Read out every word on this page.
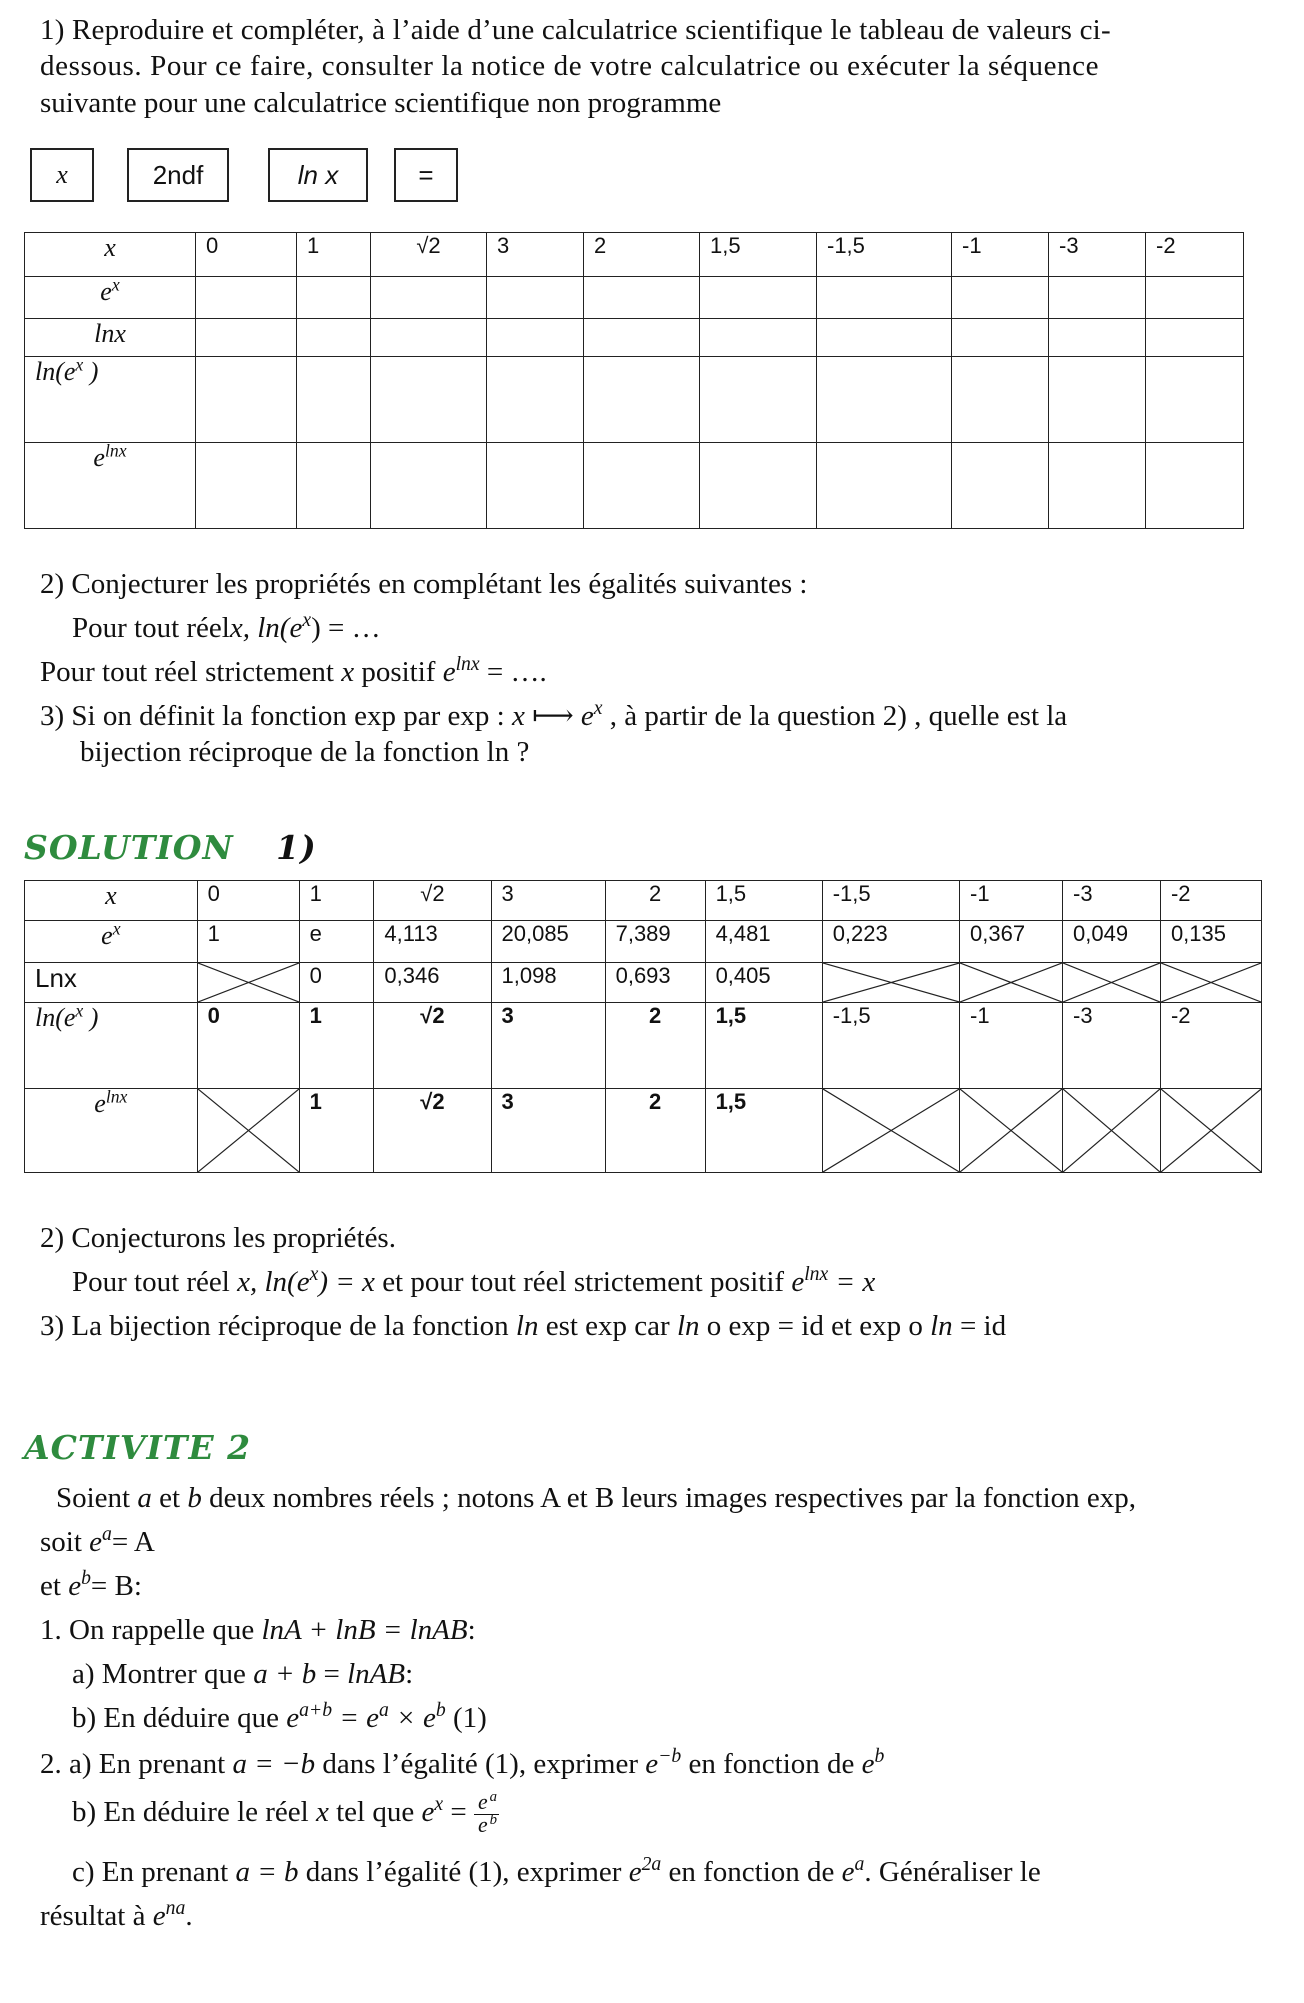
1) Reproduire et compléter, à l’aide d’une calculatrice scientifique le tableau de valeurs ci-
dessous. Pour ce faire, consulter la notice de votre calculatrice ou exécuter la séquence
suivante pour une calculatrice scientifique non programme
x	2ndf	ln x	=
x	0	1	√2	3	2	1,5	-1,5	-1	-3	-2
$e^x$										
lnx										
$\ln(e^x$ )										
$e^{lnx}$										
2) Conjecturer les propriétés en complétant les égalités suivantes :
Pour tout réelx, $\ln(e^x)$ = …
Pour tout réel strictement x positif $e^{lnx}$ = ….
3) Si on définit la fonction exp par exp : x ⟼ $e^x$ , à partir de la question 2) , quelle est la
bijection réciproque de la fonction ln ?
SOLUTION 1)
x	0	1	√2	3	2	1,5	-1,5	-1	-3	-2
$e^x$	1	e	4,113	20,085	7,389	4,481	0,223	0,367	0,049	0,135
Lnx		0	0,346	1,098	0,693	0,405	

$\ln(e^x$ )	0	1	√2	3	2	1,5	-1,5	-1	-3	-2
$e^{lnx}$		1	√2	3	2	1,5	

2) Conjecturons les propriétés.
Pour tout réel x, $\ln(e^x) = x$ et pour tout réel strictement positif $e^{lnx} = x$
3) La bijection réciproque de la fonction ln est exp car ln o exp = id et exp o ln = id
ACTIVITE 2
Soient a et b deux nombres réels ; notons A et B leurs images respectives par la fonction exp,
soit $e^a= A$
et $e^b= B$:
1. On rappelle que lnA + lnB = lnAB:
a) Montrer que a + b = lnAB:
b) En déduire que $e^{a+b} = e^a \times e^b$ (1)
2. a) En prenant a = −b dans l’égalité (1), exprimer $e^{-b}$ en fonction de $e^b$
b) En déduire le réel x tel que $e^x = \frac{e ^a}{e ^b}$
c) En prenant a = b dans l’égalité (1), exprimer $e^{2a}$ en fonction de $e^a$. Généraliser le
résultat à $e^{na}$.
